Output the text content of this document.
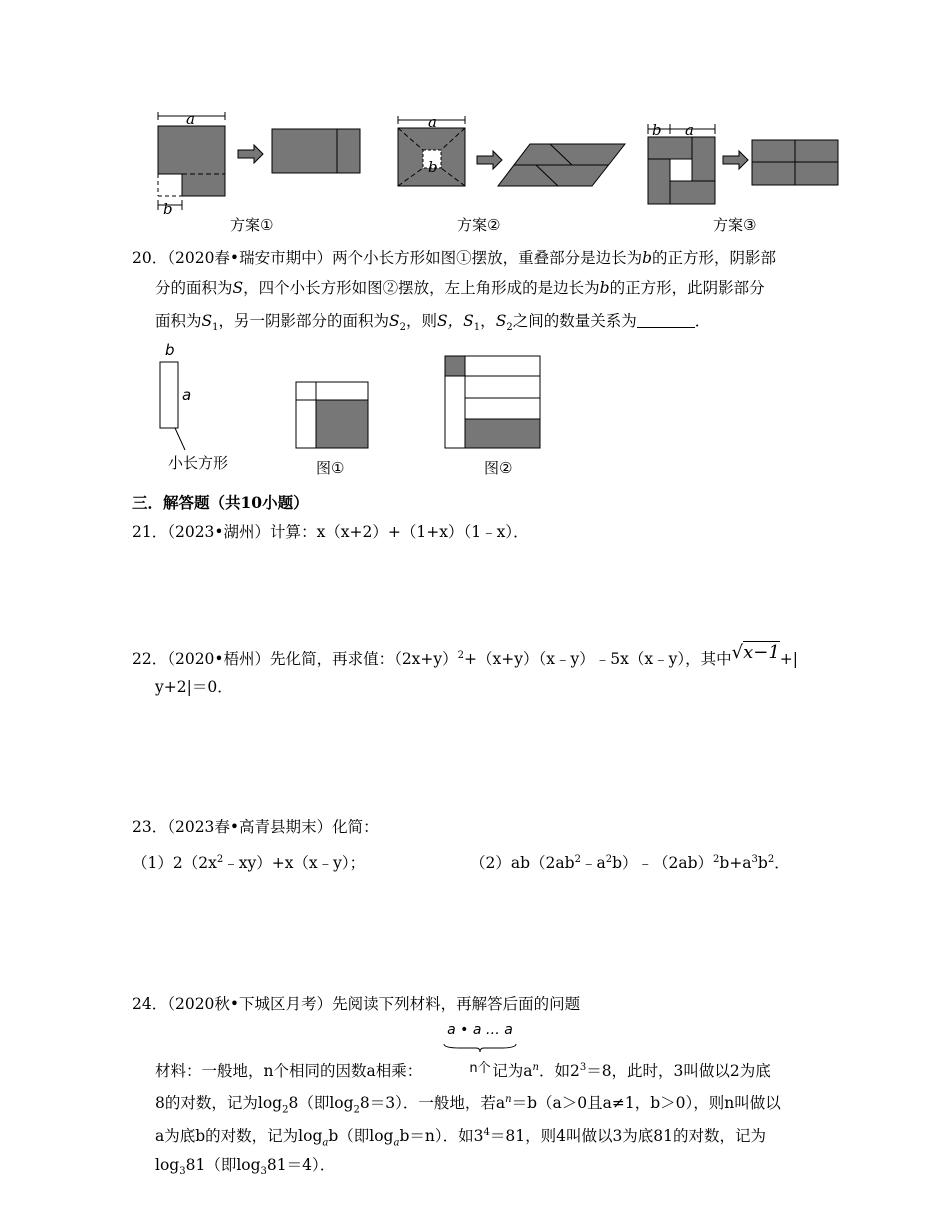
a
b
a
b
b a
方案①	方案②	方案③
20．（2020春•瑞安市期中）两个小长方形如图①摆放，重叠部分是边长为b的正方形，阴影部
分的面积为S，四个小长方形如图②摆放，左上角形成的是边长为b的正方形，此阴影部分
面积为$S_1$，另一阴影部分的面积为$S_2$，则S，$S_1$，$S_2$之间的数量关系为	．
b
a
小长方形	图①	图②
三．解答题（共10小题）
21．（2023•湖州）计算：x（x+2）+（1+x）（1﹣x）．
22．（2020•梧州）先化简，再求值：$(2x+y)^2+(x+y)(x﹣y)﹣5x(x﹣y)$，其中√x−1+|
y+2|＝0．
23．（2023春•高青县期末）化简：
$(1)2(2x^2﹣xy)+x(x﹣y)$；	$(2)ab(2ab^2﹣a^2b)﹣(2ab)^2b+a^3b^2$．
24．（2020秋•下城区月考）先阅读下列材料，再解答后面的问题
a • a … a
n个
材料：一般地，n个相同的因数a相乘：	记为$a^n$．如$2^3=8$，此时，3叫做以2为底
8的对数，记为$\log_28$（即$\log_28=3$）．一般地，若$a^n=b(a>0$且a≠1，b＞0），则n叫做以
a为底b的对数，记为$\log_ab$（即$\log_ab=n$）．如$3^4=81$，则4叫做以3为底81的对数，记为
$\log_381$（即$\log_381=4$）．
